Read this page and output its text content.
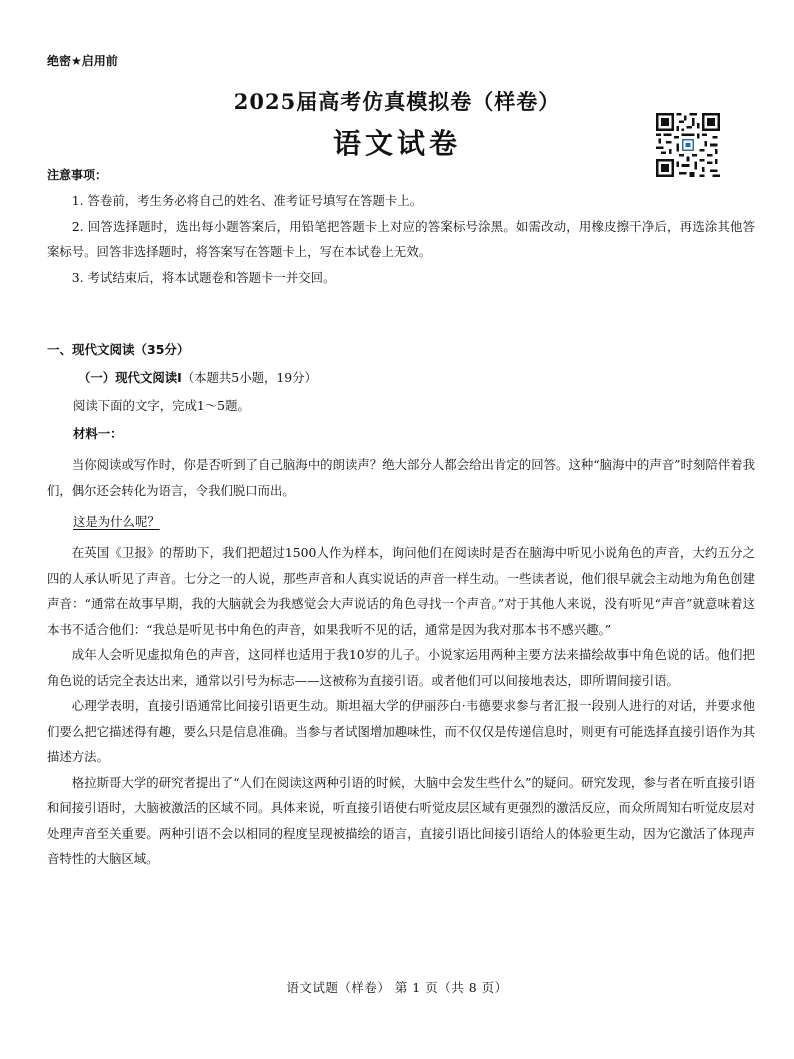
绝密★启用前
2025届高考仿真模拟卷（样卷）
语文试卷
注意事项：

1. 答卷前，考生务必将自己的姓名、准考证号填写在答题卡上。

2. 回答选择题时，选出每小题答案后，用铅笔把答题卡上对应的答案标号涂黑。如需改动，用橡皮擦干净后，再选涂其他答案标号。回答非选择题时，将答案写在答题卡上，写在本试卷上无效。

3. 考试结束后，将本试题卷和答题卡一并交回。

一、现代文阅读（35分）
（一）现代文阅读Ⅰ（本题共5小题，19分）
阅读下面的文字，完成1～5题。
材料一：

当你阅读或写作时，你是否听到了自己脑海中的朗读声？绝大部分人都会给出肯定的回答。这种“脑海中的声音”时刻陪伴着我们，偶尔还会转化为语言，令我们脱口而出。

这是为什么呢？

在英国《卫报》的帮助下，我们把超过1500人作为样本，询问他们在阅读时是否在脑海中听见小说角色的声音，大约五分之四的人承认听见了声音。七分之一的人说，那些声音和人真实说话的声音一样生动。一些读者说，他们很早就会主动地为角色创建声音：“通常在故事早期，我的大脑就会为我感觉会大声说话的角色寻找一个声音。”对于其他人来说，没有听见“声音”就意味着这本书不适合他们：“我总是听见书中角色的声音，如果我听不见的话，通常是因为我对那本书不感兴趣。”

成年人会听见虚拟角色的声音，这同样也适用于我10岁的儿子。小说家运用两种主要方法来描绘故事中角色说的话。他们把角色说的话完全表达出来，通常以引号为标志——这被称为直接引语。或者他们可以间接地表达，即所谓间接引语。

心理学表明，直接引语通常比间接引语更生动。斯坦福大学的伊丽莎白·韦德要求参与者汇报一段别人进行的对话，并要求他们要么把它描述得有趣，要么只是信息准确。当参与者试图增加趣味性，而不仅仅是传递信息时，则更有可能选择直接引语作为其描述方法。

格拉斯哥大学的研究者提出了“人们在阅读这两种引语的时候，大脑中会发生些什么”的疑问。研究发现，参与者在听直接引语和间接引语时，大脑被激活的区域不同。具体来说，听直接引语使右听觉皮层区域有更强烈的激活反应，而众所周知右听觉皮层对处理声音至关重要。两种引语不会以相同的程度呈现被描绘的语言，直接引语比间接引语给人的体验更生动，因为它激活了体现声音特性的大脑区域。

语文试题（样卷） 第 1 页（共 8 页）
